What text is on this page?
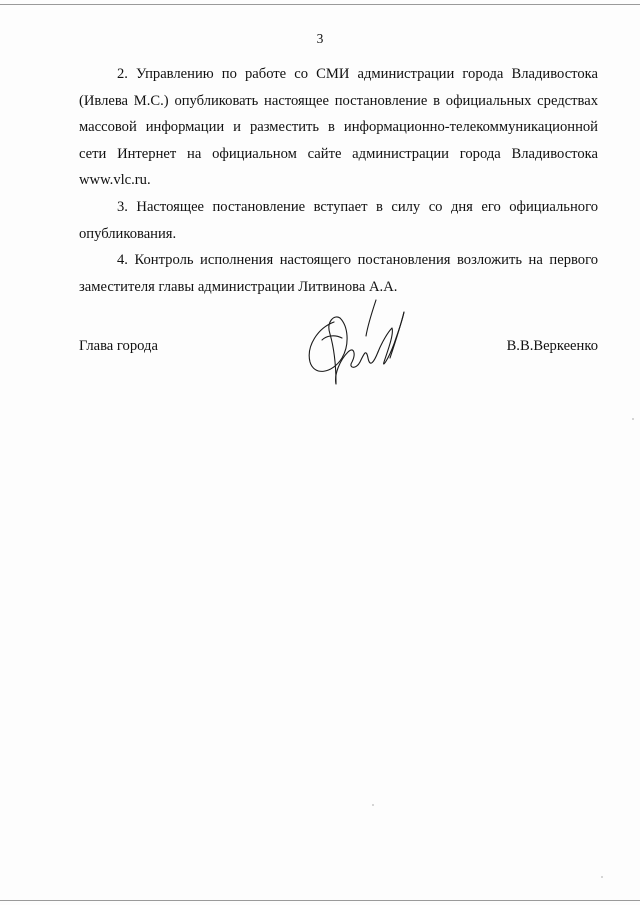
3

2. Управлению по работе со СМИ администрации города Владивостока (Ивлева М.С.) опубликовать настоящее постановление в официальных средствах массовой информации и разместить в информационно-телекоммуникационной сети Интернет на официальном сайте администрации города Владивостока www.vlc.ru.

3. Настоящее постановление вступает в силу со дня его официального опубликования.

4. Контроль исполнения настоящего постановления возложить на первого заместителя главы администрации Литвинова А.А.

Глава города	В.В.Веркеенко
